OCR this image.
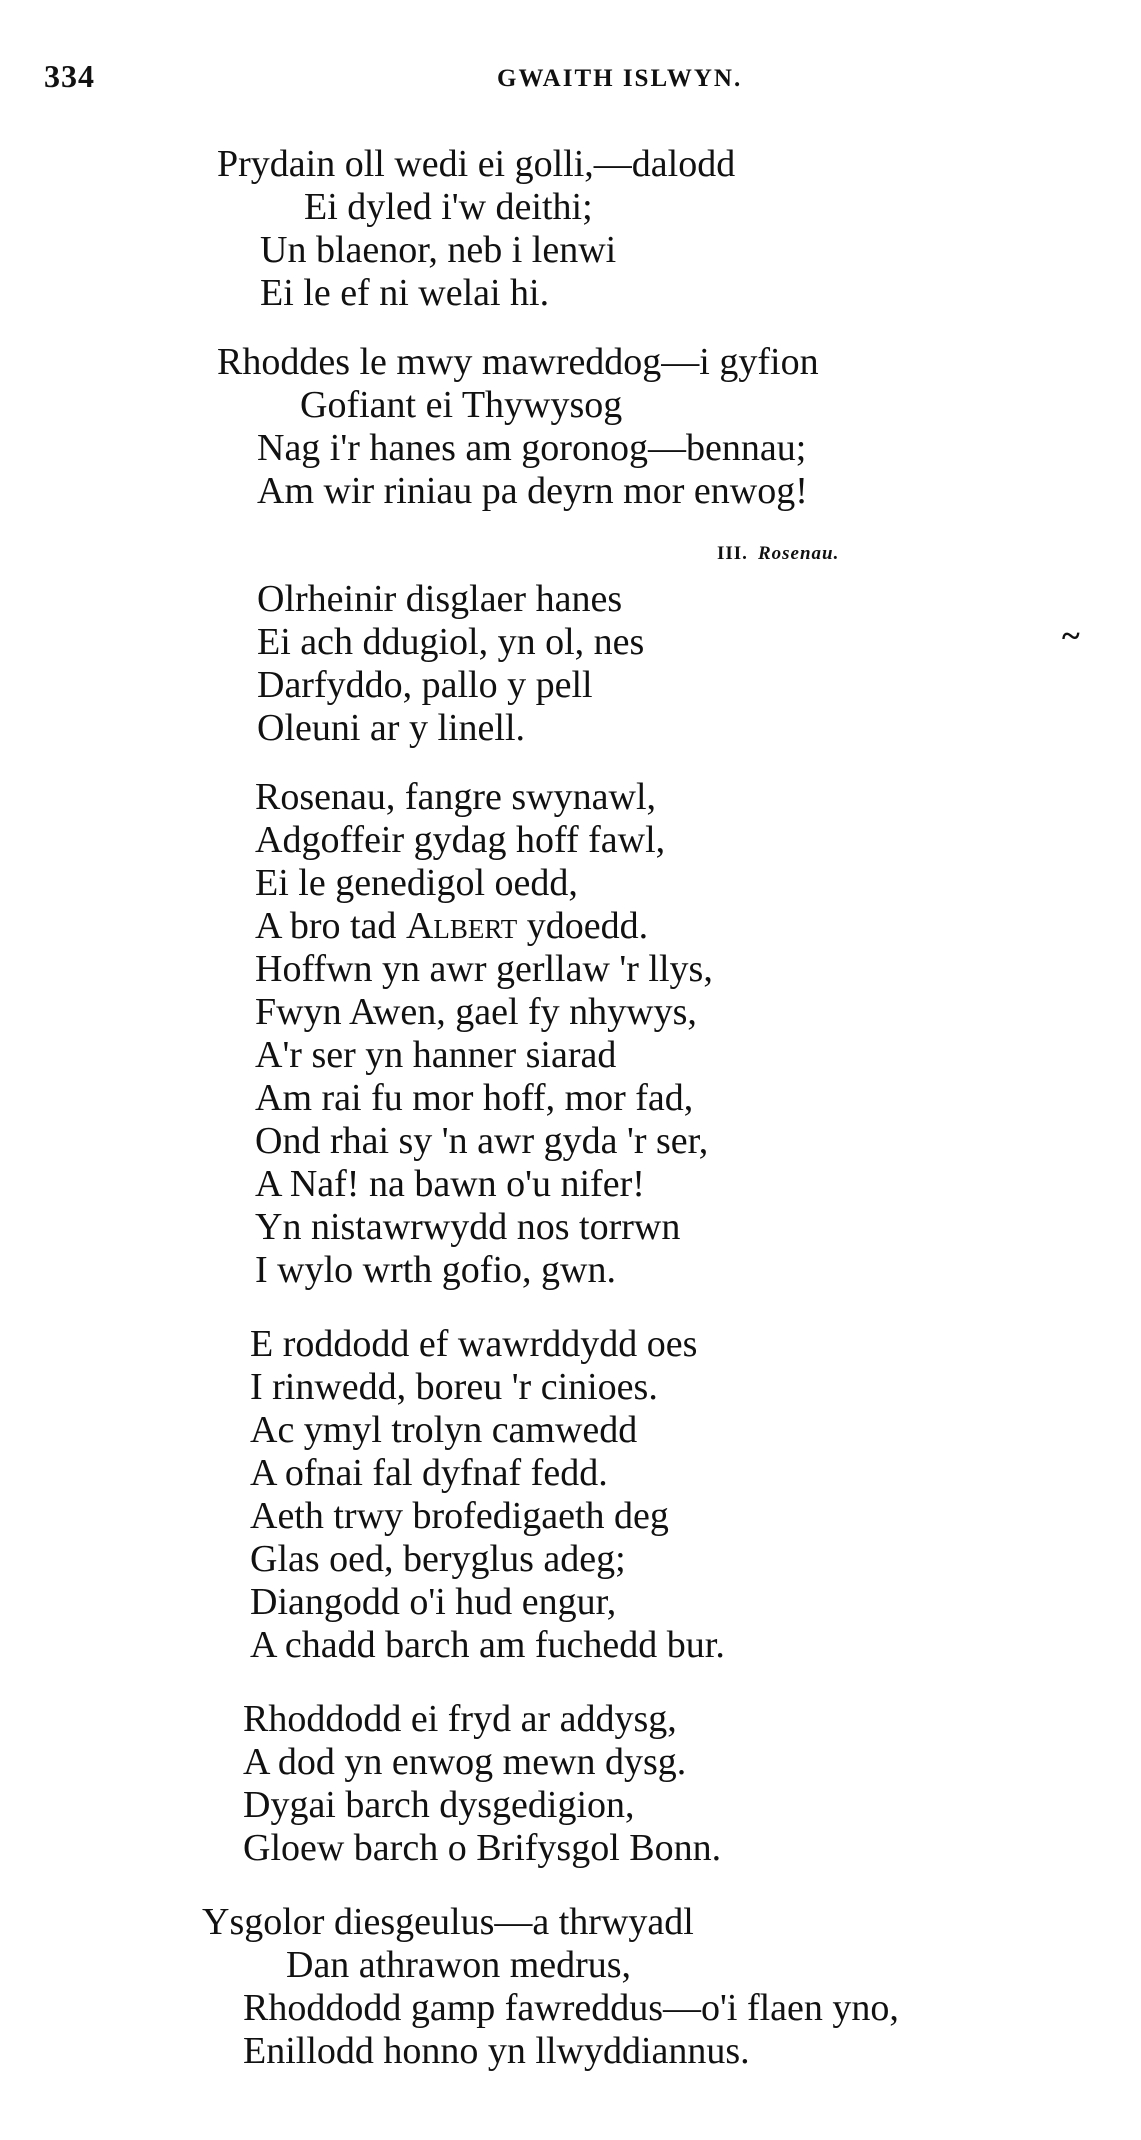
334	GWAITH ISLWYN.
Prydain oll wedi ei golli,—dalodd
Ei dyled i'w deithi;
Un blaenor, neb i lenwi
Ei le ef ni welai hi.
Rhoddes le mwy mawreddog—i gyfion
Gofiant ei Thywysog
Nag i'r hanes am goronog—bennau;
Am wir riniau pa deyrn mor enwog!
III. Rosenau.
~
Olrheinir disglaer hanes
Ei ach ddugiol, yn ol, nes
Darfyddo, pallo y pell
Oleuni ar y linell.
Rosenau, fangre swynawl,
Adgoffeir gydag hoff fawl,
Ei le genedigol oedd,
A bro tad Albert ydoedd.
Hoffwn yn awr gerllaw 'r llys,
Fwyn Awen, gael fy nhywys,
A'r ser yn hanner siarad
Am rai fu mor hoff, mor fad,
Ond rhai sy 'n awr gyda 'r ser,
A Naf! na bawn o'u nifer!
Yn nistawrwydd nos torrwn
I wylo wrth gofio, gwn.
E roddodd ef wawrddydd oes
I rinwedd, boreu 'r cinioes.
Ac ymyl trolyn camwedd
A ofnai fal dyfnaf fedd.
Aeth trwy brofedigaeth deg
Glas oed, beryglus adeg;
Diangodd o'i hud engur,
A chadd barch am fuchedd bur.
Rhoddodd ei fryd ar addysg,
A dod yn enwog mewn dysg.
Dygai barch dysgedigion,
Gloew barch o Brifysgol Bonn.
Ysgolor diesgeulus—a thrwyadl
Dan athrawon medrus,
Rhoddodd gamp fawreddus—o'i flaen yno,
Enillodd honno yn llwyddiannus.
